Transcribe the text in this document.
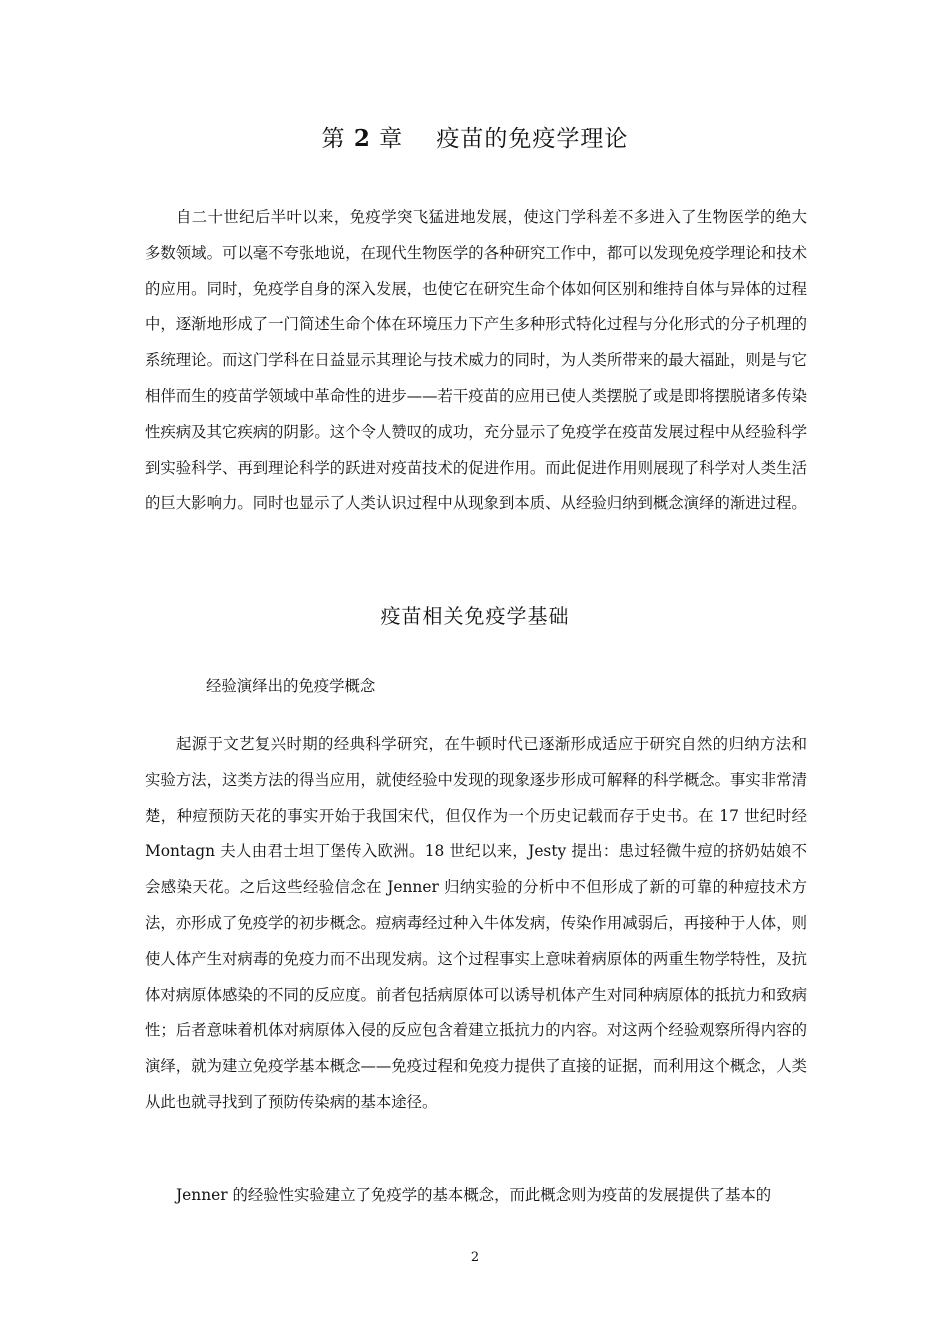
第 2 章    疫苗的免疫学理论

自二十世纪后半叶以来，免疫学突飞猛进地发展，使这门学科差不多进入了生物医学的绝大多数领域。可以毫不夸张地说，在现代生物医学的各种研究工作中，都可以发现免疫学理论和技术的应用。同时，免疫学自身的深入发展，也使它在研究生命个体如何区别和维持自体与异体的过程中，逐渐地形成了一门简述生命个体在环境压力下产生多种形式特化过程与分化形式的分子机理的系统理论。而这门学科在日益显示其理论与技术威力的同时，为人类所带来的最大福趾，则是与它相伴而生的疫苗学领域中革命性的进步——若干疫苗的应用已使人类摆脱了或是即将摆脱诸多传染性疾病及其它疾病的阴影。这个令人赞叹的成功，充分显示了免疫学在疫苗发展过程中从经验科学到实验科学、再到理论科学的跃进对疫苗技术的促进作用。而此促进作用则展现了科学对人类生活的巨大影响力。同时也显示了人类认识过程中从现象到本质、从经验归纳到概念演绎的渐进过程。

疫苗相关免疫学基础
经验演绎出的免疫学概念

起源于文艺复兴时期的经典科学研究，在牛顿时代已逐渐形成适应于研究自然的归纳方法和实验方法，这类方法的得当应用，就使经验中发现的现象逐步形成可解释的科学概念。事实非常清楚，种痘预防天花的事实开始于我国宋代，但仅作为一个历史记载而存于史书。在 17 世纪时经 Montagn 夫人由君士坦丁堡传入欧洲。18 世纪以来，Jesty 提出：患过轻微牛痘的挤奶姑娘不会感染天花。之后这些经验信念在 Jenner 归纳实验的分析中不但形成了新的可靠的种痘技术方法，亦形成了免疫学的初步概念。痘病毒经过种入牛体发病，传染作用减弱后，再接种于人体，则使人体产生对病毒的免疫力而不出现发病。这个过程事实上意味着病原体的两重生物学特性，及抗体对病原体感染的不同的反应度。前者包括病原体可以诱导机体产生对同种病原体的抵抗力和致病性；后者意味着机体对病原体入侵的反应包含着建立抵抗力的内容。对这两个经验观察所得内容的演绎，就为建立免疫学基本概念——免疫过程和免疫力提供了直接的证据，而利用这个概念，人类从此也就寻找到了预防传染病的基本途径。

Jenner 的经验性实验建立了免疫学的基本概念，而此概念则为疫苗的发展提供了基本的

2
